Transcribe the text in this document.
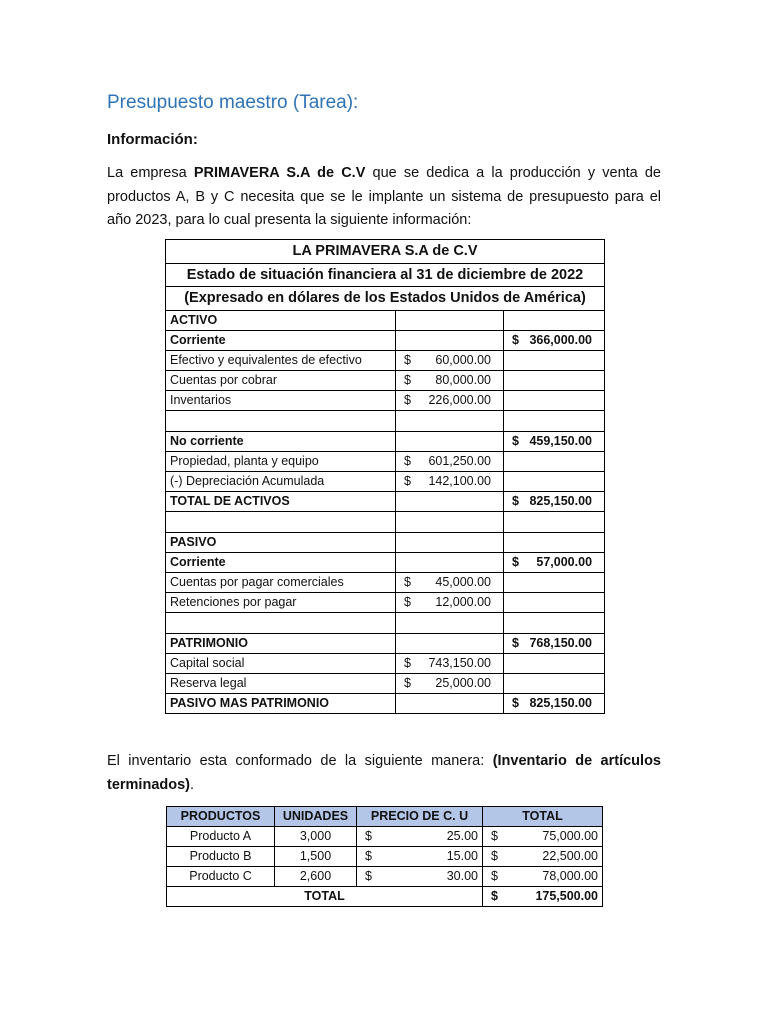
Presupuesto maestro (Tarea):
Información:

La empresa PRIMAVERA S.A de C.V que se dedica a la producción y venta de productos A, B y C necesita que se le implante un sistema de presupuesto para el año 2023, para lo cual presenta la siguiente información:

LA PRIMAVERA S.A de C.V		
Estado de situación financiera al 31 de diciembre de 2022		
(Expresado en dólares de los Estados Unidos de América)		
ACTIVO		
Corriente		$ 366,000.00

Efectivo y equivalentes de efectivo	$ 60,000.00	

Cuentas por cobrar	$ 80,000.00	

Inventarios	$ 226,000.00	

No corriente		$ 459,150.00

Propiedad, planta y equipo	$ 601,250.00	

(-) Depreciación Acumulada	$ 142,100.00	

TOTAL DE ACTIVOS		$ 825,150.00

PASIVO		
Corriente		$ 57,000.00

Cuentas por pagar comerciales	$ 45,000.00	

Retenciones por pagar	$ 12,000.00	

PATRIMONIO		$ 768,150.00

Capital social	$ 743,150.00	

Reserva legal	$ 25,000.00	

PASIVO MAS PATRIMONIO		$ 825,150.00

El inventario esta conformado de la siguiente manera: (Inventario de artículos terminados).

PRODUCTOS	UNIDADES	PRECIO DE C. U	TOTAL
Producto A	3,000	$ 25.00	$ 75,000.00

Producto B	1,500	$ 15.00	$ 22,500.00

Producto C	2,600	$ 30.00	$ 78,000.00

TOTAL			$ 175,500.00
